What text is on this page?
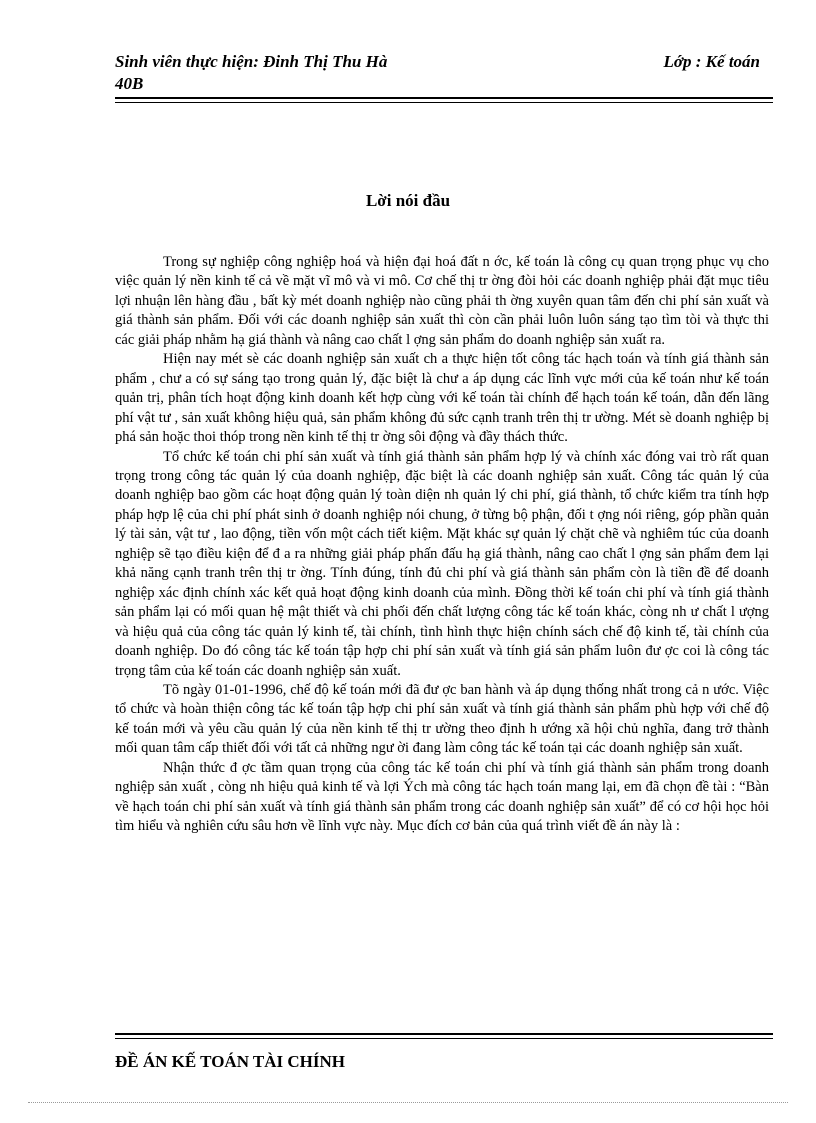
Sinh viên thực hiện: Đinh Thị Thu Hà	Lớp : Kế toán
40B
Lời nói đầu

Trong sự nghiệp công nghiệp hoá và hiện đại hoá đất n ớc, kế toán là công cụ quan trọng phục vụ cho việc quản lý nền kinh tế cả về mặt vĩ mô và vi mô. Cơ chế thị tr ờng đòi hỏi các doanh nghiệp phải đặt mục tiêu lợi nhuận lên hàng đầu , bất kỳ mét doanh nghiệp nào cũng phải th ờng xuyên quan tâm đến chi phí sản xuất và giá thành sản phẩm. Đối với các doanh nghiệp sản xuất thì còn cần phải luôn luôn sáng tạo tìm tòi và thực thi các giải pháp nhằm hạ giá thành và nâng cao chất l ợng sản phẩm do doanh nghiệp sản xuất ra.

Hiện nay mét sè các doanh nghiệp sản xuất ch a thực hiện tốt công tác hạch toán và tính giá thành sản phẩm , chư a có sự sáng tạo trong quản lý, đặc biệt là chư a áp dụng các lĩnh vực mới của kế toán như kế toán quản trị, phân tích hoạt động kinh doanh kết hợp cùng với kế toán tài chính để hạch toán kế toán, dẫn đến lãng phí vật tư , sản xuất không hiệu quả, sản phẩm không đủ sức cạnh tranh trên thị tr ường. Mét sè doanh nghiệp bị phá sản hoặc thoi thóp trong nền kinh tế thị tr ờng sôi động và đầy thách thức.

Tổ chức kế toán chi phí sản xuất và tính giá thành sản phẩm hợp lý và chính xác đóng vai trò rất quan trọng trong công tác quản lý của doanh nghiệp, đặc biệt là các doanh nghiệp sản xuất. Công tác quản lý của doanh nghiệp bao gồm các hoạt động quản lý toàn diện nh quản lý chi phí, giá thành, tổ chức kiểm tra tính hợp pháp hợp lệ của chi phí phát sinh ở doanh nghiệp nói chung, ở từng bộ phận, đối t ợng nói riêng, góp phần quản lý tài sản, vật tư , lao động, tiền vốn một cách tiết kiệm. Mặt khác sự quản lý chặt chẽ và nghiêm túc của doanh nghiệp sẽ tạo điều kiện để đ a ra những giải pháp phấn đấu hạ giá thành, nâng cao chất l ợng sản phẩm đem lại khả năng cạnh tranh trên thị tr ờng. Tính đúng, tính đủ chi phí và giá thành sản phẩm còn là tiền đề để doanh nghiệp xác định chính xác kết quả hoạt động kinh doanh của mình. Đồng thời kế toán chi phí và tính giá thành sản phẩm lại có mối quan hệ mật thiết và chi phối đến chất lượng công tác kế toán khác, còng nh ư chất l ượng và hiệu quả của công tác quản lý kinh tế, tài chính, tình hình thực hiện chính sách chế độ kinh tế, tài chính của doanh nghiệp. Do đó công tác kế toán tập hợp chi phí sản xuất và tính giá sản phẩm luôn đư ợc coi là công tác trọng tâm của kế toán các doanh nghiệp sản xuất.

Tõ ngày 01-01-1996, chế độ kế toán mới đã đư ợc ban hành và áp dụng thống nhất trong cả n ước. Việc tổ chức và hoàn thiện công tác kế toán tập hợp chi phí sản xuất và tính giá thành sản phẩm phù hợp với chế độ kế toán mới và yêu cầu quản lý của nền kinh tế thị tr ường theo định h ướng xã hội chủ nghĩa, đang trở thành mối quan tâm cấp thiết đối với tất cả những ngư ời đang làm công tác kế toán tại các doanh nghiệp sản xuất.

Nhận thức đ ợc tầm quan trọng của công tác kế toán chi phí và tính giá thành sản phẩm trong doanh nghiệp sản xuất , còng nh hiệu quả kinh tế và lợi Ých mà công tác hạch toán mang lại, em đã chọn đề tài : “Bàn về hạch toán chi phí sản xuất và tính giá thành sản phẩm trong các doanh nghiệp sản xuất” để có cơ hội học hỏi tìm hiểu và nghiên cứu sâu hơn về lĩnh vực này. Mục đích cơ bản của quá trình viết đề án này là :

ĐỀ ÁN KẾ TOÁN TÀI CHÍNH
